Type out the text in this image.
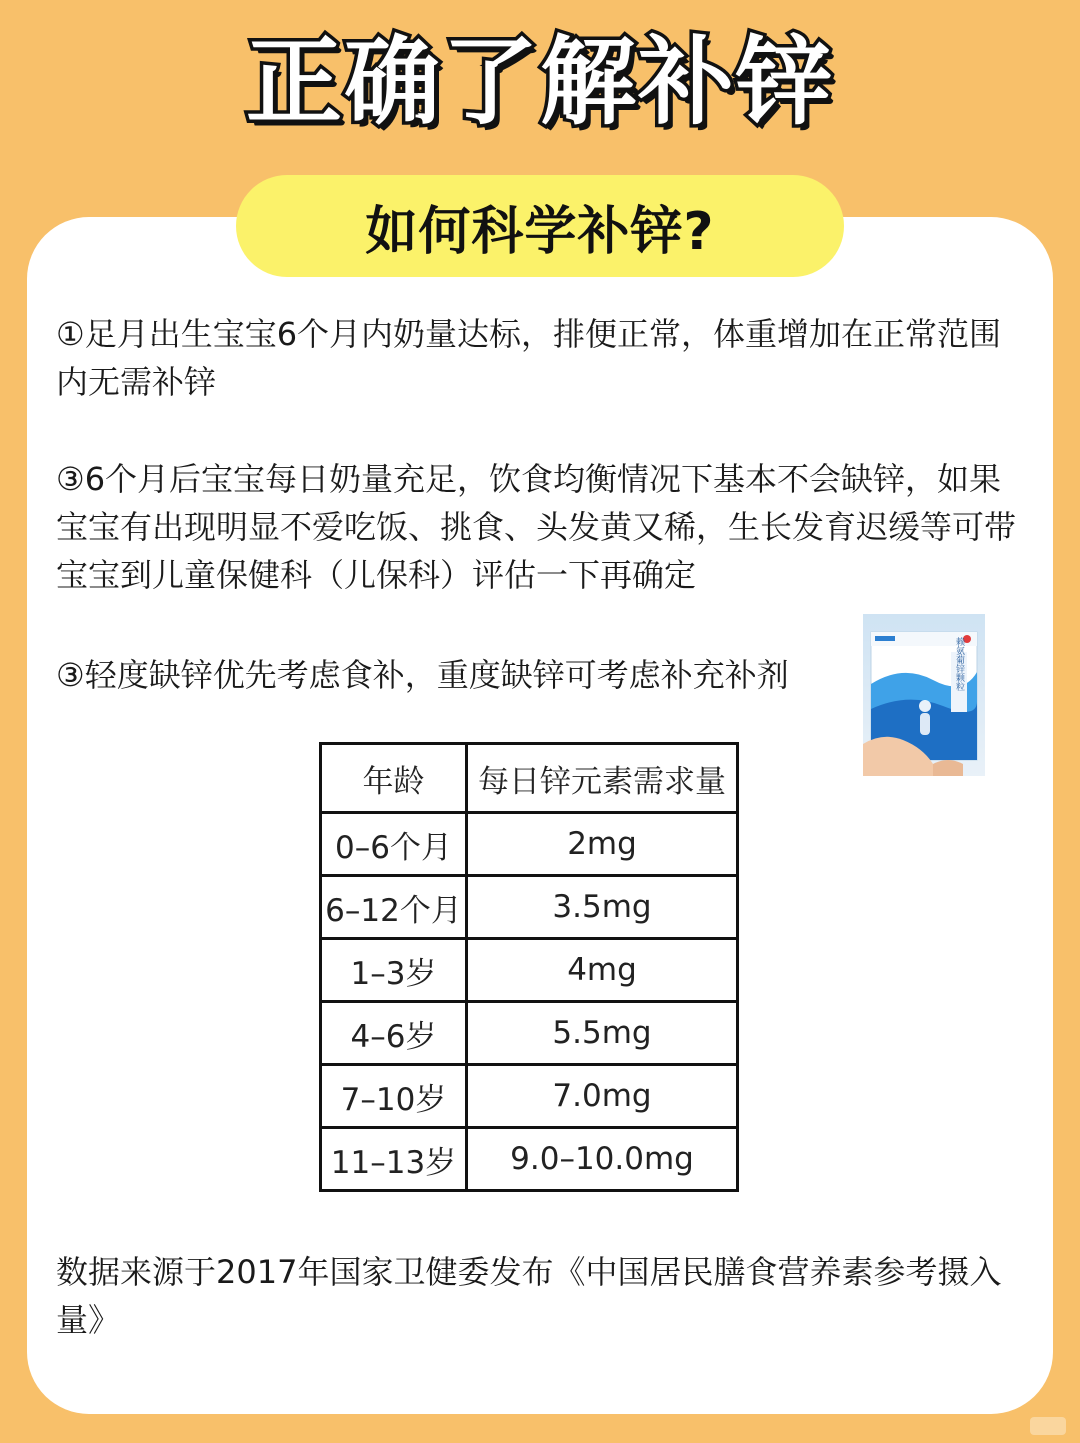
正确了解补锌
如何科学补锌?

①足月出生宝宝6个月内奶量达标，排便正常，体重增加在正常范围内无需补锌

③6个月后宝宝每日奶量充足，饮食均衡情况下基本不会缺锌，如果宝宝有出现明显不爱吃饭、挑食、头发黄又稀，生长发育迟缓等可带宝宝到儿童保健科（儿保科）评估一下再确定

③轻度缺锌优先考虑食补，重度缺锌可考虑补充补剂	赖氨葡锌颗粒
年龄	每日锌元素需求量
0–6个月	2mg
6–12个月	3.5mg
1–3岁	4mg
4–6岁	5.5mg
7–10岁	7.0mg
11–13岁	9.0–10.0mg

数据来源于2017年国家卫健委发布《中国居民膳食营养素参考摄入量》
